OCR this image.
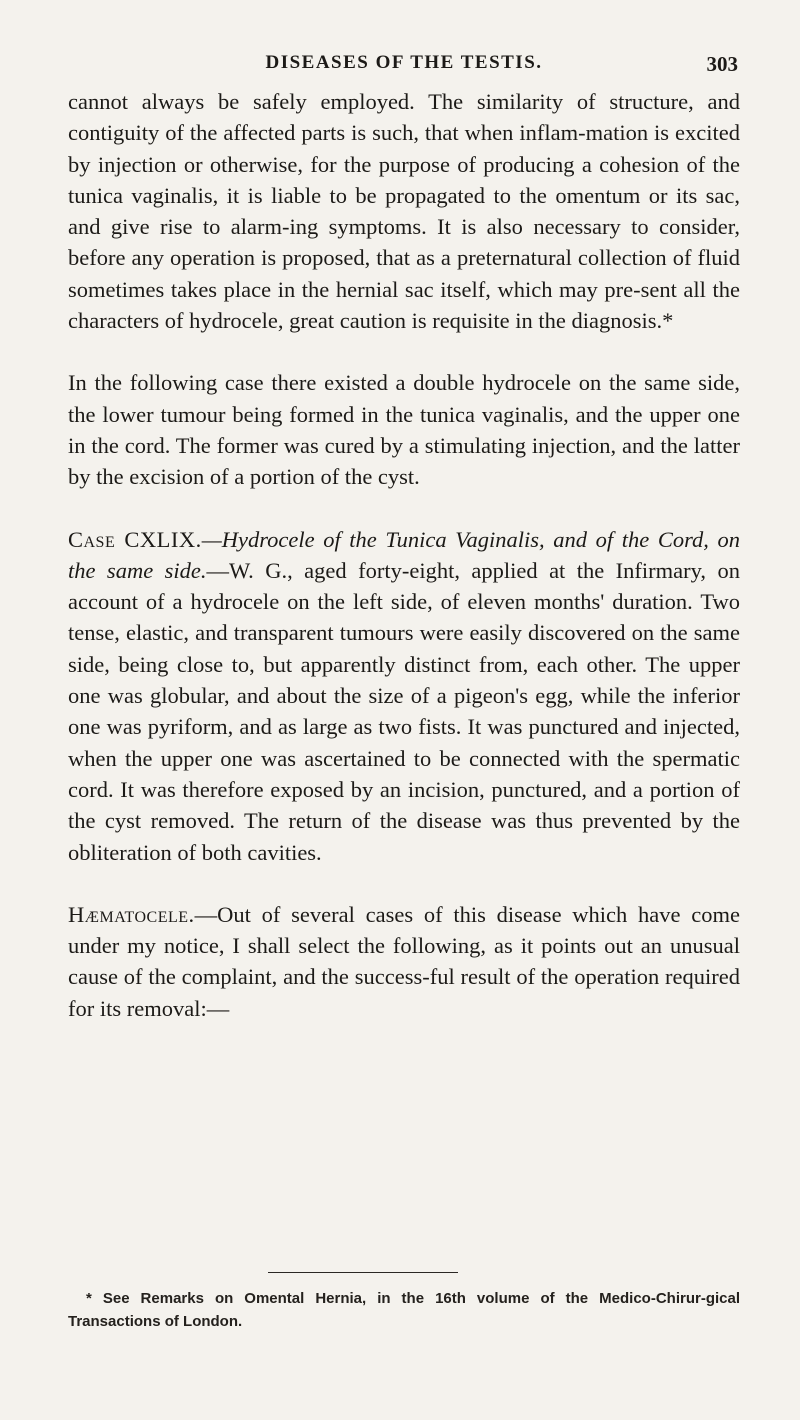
DISEASES OF THE TESTIS.	303

cannot always be safely employed. The similarity of structure, and contiguity of the affected parts is such, that when inflam-mation is excited by injection or otherwise, for the purpose of producing a cohesion of the tunica vaginalis, it is liable to be propagated to the omentum or its sac, and give rise to alarm-ing symptoms. It is also necessary to consider, before any operation is proposed, that as a preternatural collection of fluid sometimes takes place in the hernial sac itself, which may pre-sent all the characters of hydrocele, great caution is requisite in the diagnosis.*

In the following case there existed a double hydrocele on the same side, the lower tumour being formed in the tunica vaginalis, and the upper one in the cord. The former was cured by a stimulating injection, and the latter by the excision of a portion of the cyst.

Case CXLIX.—Hydrocele of the Tunica Vaginalis, and of the Cord, on the same side.—W. G., aged forty-eight, applied at the Infirmary, on account of a hydrocele on the left side, of eleven months' duration. Two tense, elastic, and transparent tumours were easily discovered on the same side, being close to, but apparently distinct from, each other. The upper one was globular, and about the size of a pigeon's egg, while the inferior one was pyriform, and as large as two fists. It was punctured and injected, when the upper one was ascertained to be connected with the spermatic cord. It was therefore exposed by an incision, punctured, and a portion of the cyst removed. The return of the disease was thus prevented by the obliteration of both cavities.

Hæmatocele.—Out of several cases of this disease which have come under my notice, I shall select the following, as it points out an unusual cause of the complaint, and the success-ful result of the operation required for its removal:—

* See Remarks on Omental Hernia, in the 16th volume of the Medico-Chirur-gical Transactions of London.
